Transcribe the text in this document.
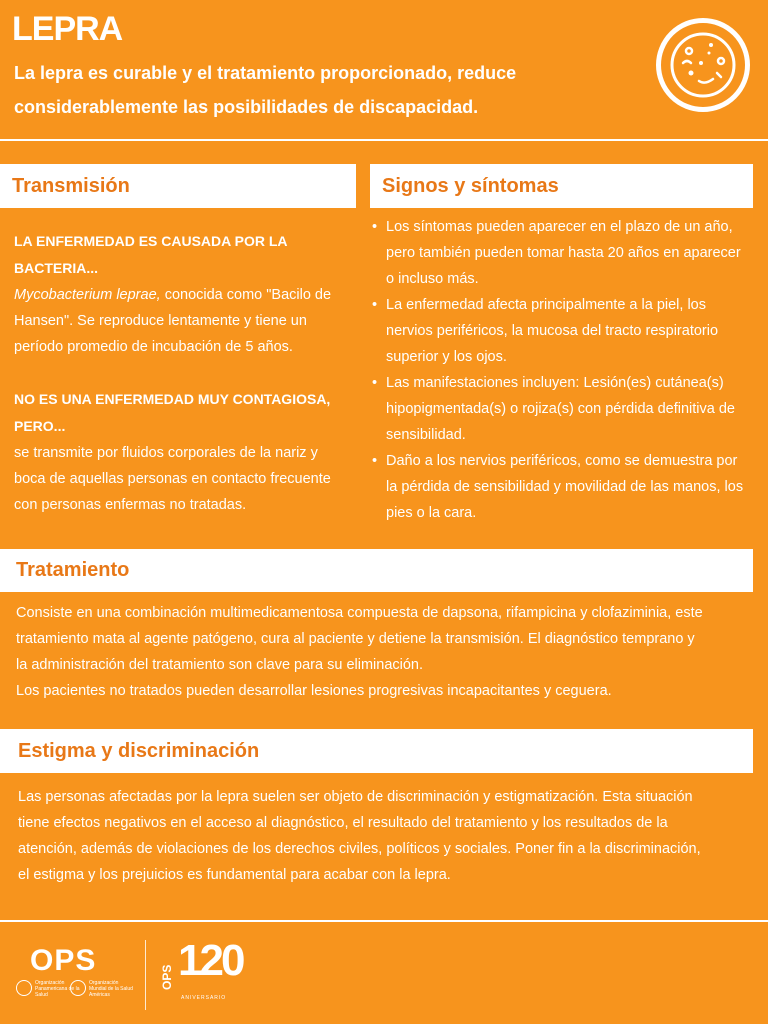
LEPRA

La lepra es curable y el tratamiento proporcionado, reduce considerablemente las posibilidades de discapacidad.

Transmisión

LA ENFERMEDAD ES CAUSADA POR LA BACTERIA...
Mycobacterium leprae, conocida como "Bacilo de Hansen". Se reproduce lentamente y tiene un período promedio de incubación de 5 años.

NO ES UNA ENFERMEDAD MUY CONTAGIOSA, PERO...
se transmite por fluidos corporales de la nariz y boca de aquellas personas en contacto frecuente con personas enfermas no tratadas.

Signos y síntomas
• Los síntomas pueden aparecer en el plazo de un año, pero también pueden tomar hasta 20 años en aparecer o incluso más.
• La enfermedad afecta principalmente a la piel, los nervios periféricos, la mucosa del tracto respiratorio superior y los ojos.
• Las manifestaciones incluyen: Lesión(es) cutánea(s) hipopigmentada(s) o rojiza(s) con pérdida definitiva de sensibilidad.
• Daño a los nervios periféricos, como se demuestra por la pérdida de sensibilidad y movilidad de las manos, los pies o la cara.
Tratamiento

Consiste en una combinación multimedicamentosa compuesta de dapsona, rifampicina y clofaziminia, este tratamiento mata al agente patógeno, cura al paciente y detiene la transmisión. El diagnóstico temprano y la administración del tratamiento son clave para su eliminación.

Los pacientes no tratados pueden desarrollar lesiones progresivas incapacitantes y ceguera.

Estigma y discriminación

Las personas afectadas por la lepra suelen ser objeto de discriminación y estigmatización. Esta situación tiene efectos negativos en el acceso al diagnóstico, el resultado del tratamiento y los resultados de la atención, además de violaciones de los derechos civiles, políticos y sociales. Poner fin a la discriminación, el estigma y los prejuicios es fundamental para acabar con la lepra.

OPS
Organización Panamericana de la Salud
Organización Mundial de la Salud Américas
OPS 120
ANIVERSARIO
